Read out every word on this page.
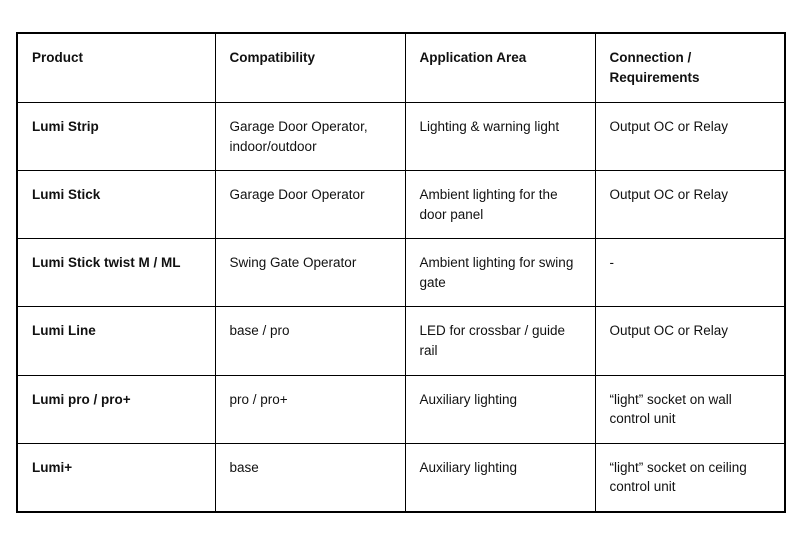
Product	Compatibility	Application Area	Connection /
Requirements

Lumi Strip	Garage Door Operator, indoor/outdoor	Lighting & warning light	Output OC or Relay
Lumi Stick	Garage Door Operator	Ambient lighting for the door panel	Output OC or Relay
Lumi Stick twist M / ML	Swing Gate Operator	Ambient lighting for swing gate	-
Lumi Line	base / pro	LED for crossbar / guide rail	Output OC or Relay
Lumi pro / pro+	pro / pro+	Auxiliary lighting	“light” socket on wall control unit
Lumi+	base	Auxiliary lighting	“light” socket on ceiling control unit
